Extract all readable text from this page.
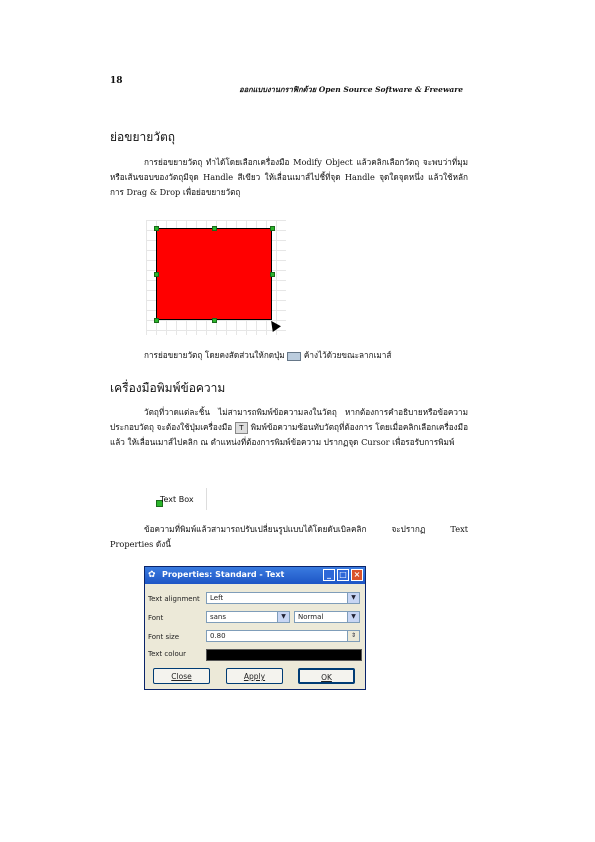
18
ออกแบบงานกราฟิกด้วย Open Source Software & Freeware
ย่อขยายวัตถุ
การย่อขยายวัตถุ ทำได้โดยเลือกเครื่องมือ Modify Object แล้วคลิกเลือกวัตถุ จะพบว่าที่มุมหรือเส้นขอบของวัตถุมีจุด Handle สีเขียว ให้เลื่อนเมาส์ไปชี้ที่จุด Handle จุดใดจุดหนึ่ง แล้วใช้หลักการ Drag & Drop เพื่อย่อขยายวัตถุ
การย่อขยายวัตถุ โดยคงสัดส่วนให้กดปุ่ม ค้างไว้ด้วยขณะลากเมาส์
เครื่องมือพิมพ์ข้อความ
วัตถุที่วาดแต่ละชิ้น ไม่สามารถพิมพ์ข้อความลงในวัตถุ หากต้องการคำอธิบายหรือข้อความประกอบวัตถุ จะต้องใช้ปุ่มเครื่องมือ T พิมพ์ข้อความซ้อนทับวัตถุที่ต้องการ โดยเมื่อคลิกเลือกเครื่องมือแล้ว ให้เลื่อนเมาส์ไปคลิก ณ ตำแหน่งที่ต้องการพิมพ์ข้อความ ปรากฏจุด Cursor เพื่อรอรับการพิมพ์
Text Box
ข้อความที่พิมพ์แล้วสามารถปรับเปลี่ยนรูปแบบได้โดยดับเบิลคลิก จะปรากฏ Text Properties ดังนี้
✿ Properties: Standard - Text	_	□ ×
Text alignment	Left	▼
Font	sans	▼	Normal	▼
Font size	0.80	⇕
Text colour
Close	Apply	OK
